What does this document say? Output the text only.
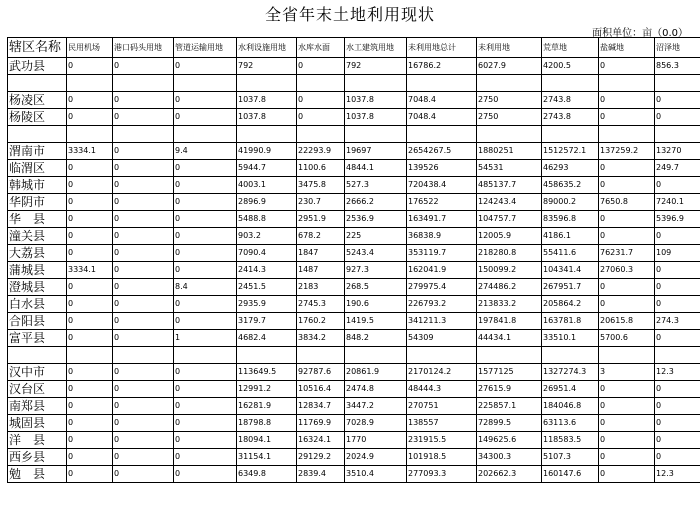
全省年末土地利用现状
面积单位：亩（0.0）
辖区名称	民用机场	港口码头用地	管道运输用地	水利设施用地	水库水面	水工建筑用地	未利用地总计	未利用地	荒草地	盐碱地	沼泽地
武功县	0	0	0	792	0	792	16786.2	6027.9	4200.5	0	856.3

杨凌区	0	0	0	1037.8	0	1037.8	7048.4	2750	2743.8	0	0
杨陵区	0	0	0	1037.8	0	1037.8	7048.4	2750	2743.8	0	0

渭南市	3334.1	0	9.4	41990.9	22293.9	19697	2654267.5	1880251	1512572.1	137259.2	13270
临渭区	0	0	0	5944.7	1100.6	4844.1	139526	54531	46293	0	249.7
韩城市	0	0	0	4003.1	3475.8	527.3	720438.4	485137.7	458635.2	0	0
华阴市	0	0	0	2896.9	230.7	2666.2	176522	124243.4	89000.2	7650.8	7240.1
华　县	0	0	0	5488.8	2951.9	2536.9	163491.7	104757.7	83596.8	0	5396.9
潼关县	0	0	0	903.2	678.2	225	36838.9	12005.9	4186.1	0	0
大荔县	0	0	0	7090.4	1847	5243.4	353119.7	218280.8	55411.6	76231.7	109
蒲城县	3334.1	0	0	2414.3	1487	927.3	162041.9	150099.2	104341.4	27060.3	0
澄城县	0	0	8.4	2451.5	2183	268.5	279975.4	274486.2	267951.7	0	0
白水县	0	0	0	2935.9	2745.3	190.6	226793.2	213833.2	205864.2	0	0
合阳县	0	0	0	3179.7	1760.2	1419.5	341211.3	197841.8	163781.8	20615.8	274.3
富平县	0	0	1	4682.4	3834.2	848.2	54309	44434.1	33510.1	5700.6	0

汉中市	0	0	0	113649.5	92787.6	20861.9	2170124.2	1577125	1327274.3	3	12.3
汉台区	0	0	0	12991.2	10516.4	2474.8	48444.3	27615.9	26951.4	0	0
南郑县	0	0	0	16281.9	12834.7	3447.2	270751	225857.1	184046.8	0	0
城固县	0	0	0	18798.8	11769.9	7028.9	138557	72899.5	63113.6	0	0
洋　县	0	0	0	18094.1	16324.1	1770	231915.5	149625.6	118583.5	0	0
西乡县	0	0	0	31154.1	29129.2	2024.9	101918.5	34300.3	5107.3	0	0
勉　县	0	0	0	6349.8	2839.4	3510.4	277093.3	202662.3	160147.6	0	12.3
